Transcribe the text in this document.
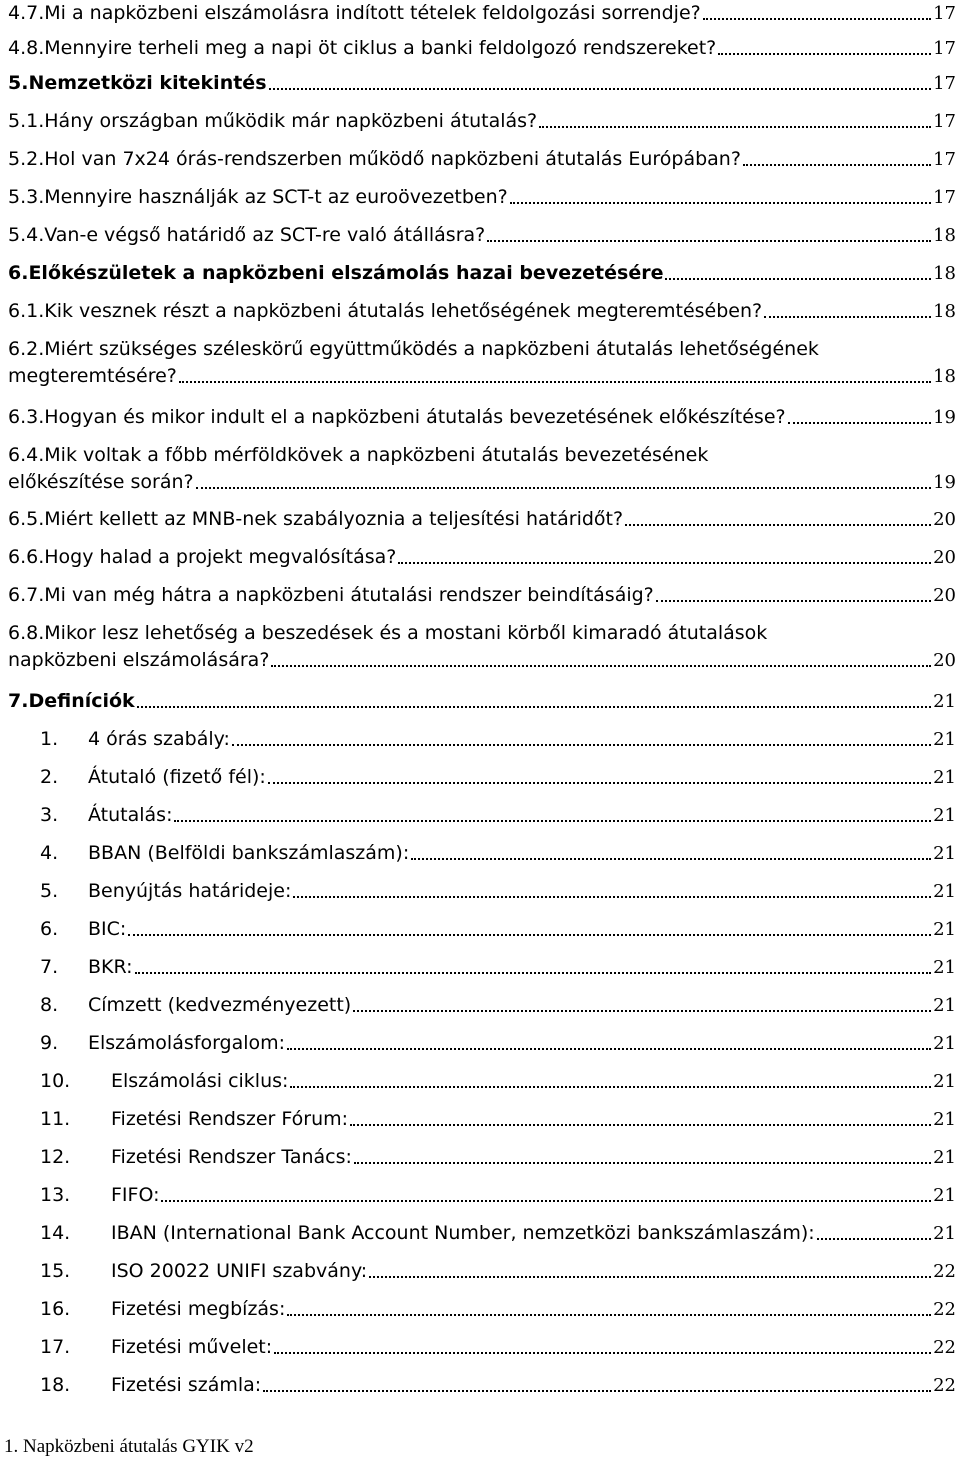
4.7.Mi a napközbeni elszámolásra indított tételek feldolgozási sorrendje?	17
4.8.Mennyire terheli meg a napi öt ciklus a banki feldolgozó rendszereket?	17
5.Nemzetközi kitekintés	17
5.1.Hány országban működik már napközbeni átutalás?	17
5.2.Hol van 7x24 órás-rendszerben működő napközbeni átutalás Európában?	17
5.3.Mennyire használják az SCT-t az euroövezetben?	17
5.4.Van-e végső határidő az SCT-re való átállásra?	18
6.Előkészületek a napközbeni elszámolás hazai bevezetésére	18
6.1.Kik vesznek részt a napközbeni átutalás lehetőségének megteremtésében?	18
6.2.Miért szükséges széleskörű együttműködés a napközbeni átutalás lehetőségének
megteremtésére?	18
6.3.Hogyan és mikor indult el a napközbeni átutalás bevezetésének előkészítése?	19
6.4.Mik voltak a főbb mérföldkövek a napközbeni átutalás bevezetésének
előkészítése során?	19
6.5.Miért kellett az MNB-nek szabályoznia a teljesítési határidőt?	20
6.6.Hogy halad a projekt megvalósítása?	20
6.7.Mi van még hátra a napközbeni átutalási rendszer beindításáig?	20
6.8.Mikor lesz lehetőség a beszedések és a mostani körből kimaradó átutalások
napközbeni elszámolására?	20
7.Definíciók	21
1. 4 órás szabály:	21
2. Átutaló (fizető fél):	21
3. Átutalás:	21
4. BBAN (Belföldi bankszámlaszám):	21
5. Benyújtás határideje:	21
6. BIC:	21
7. BKR:	21
8. Címzett (kedvezményezett)	21
9. Elszámolásforgalom:	21
10. Elszámolási ciklus:	21
11. Fizetési Rendszer Fórum:	21
12. Fizetési Rendszer Tanács:	21
13. FIFO:	21
14. IBAN (International Bank Account Number, nemzetközi bankszámlaszám):	21
15. ISO 20022 UNIFI szabvány:	22
16. Fizetési megbízás:	22
17. Fizetési művelet:	22
18. Fizetési számla:	22
1. Napközbeni átutalás GYIK v2
